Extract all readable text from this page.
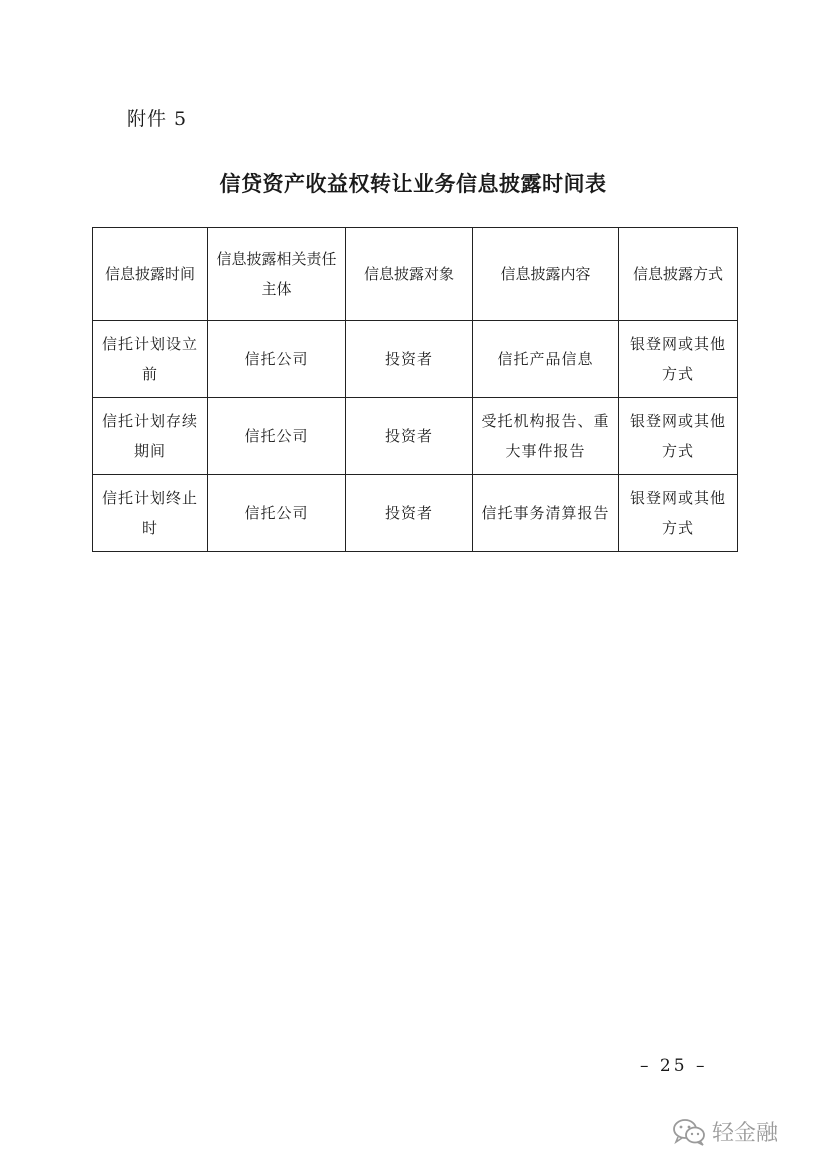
附件 5
信贷资产收益权转让业务信息披露时间表
信息披露时间	信息披露相关责任主体	信息披露对象	信息披露内容	信息披露方式
信托计划设立前	信托公司	投资者	信托产品信息	银登网或其他方式
信托计划存续期间	信托公司	投资者	受托机构报告、重大事件报告	银登网或其他方式
信托计划终止时	信托公司	投资者	信托事务清算报告	银登网或其他方式
– 25 –
轻金融
